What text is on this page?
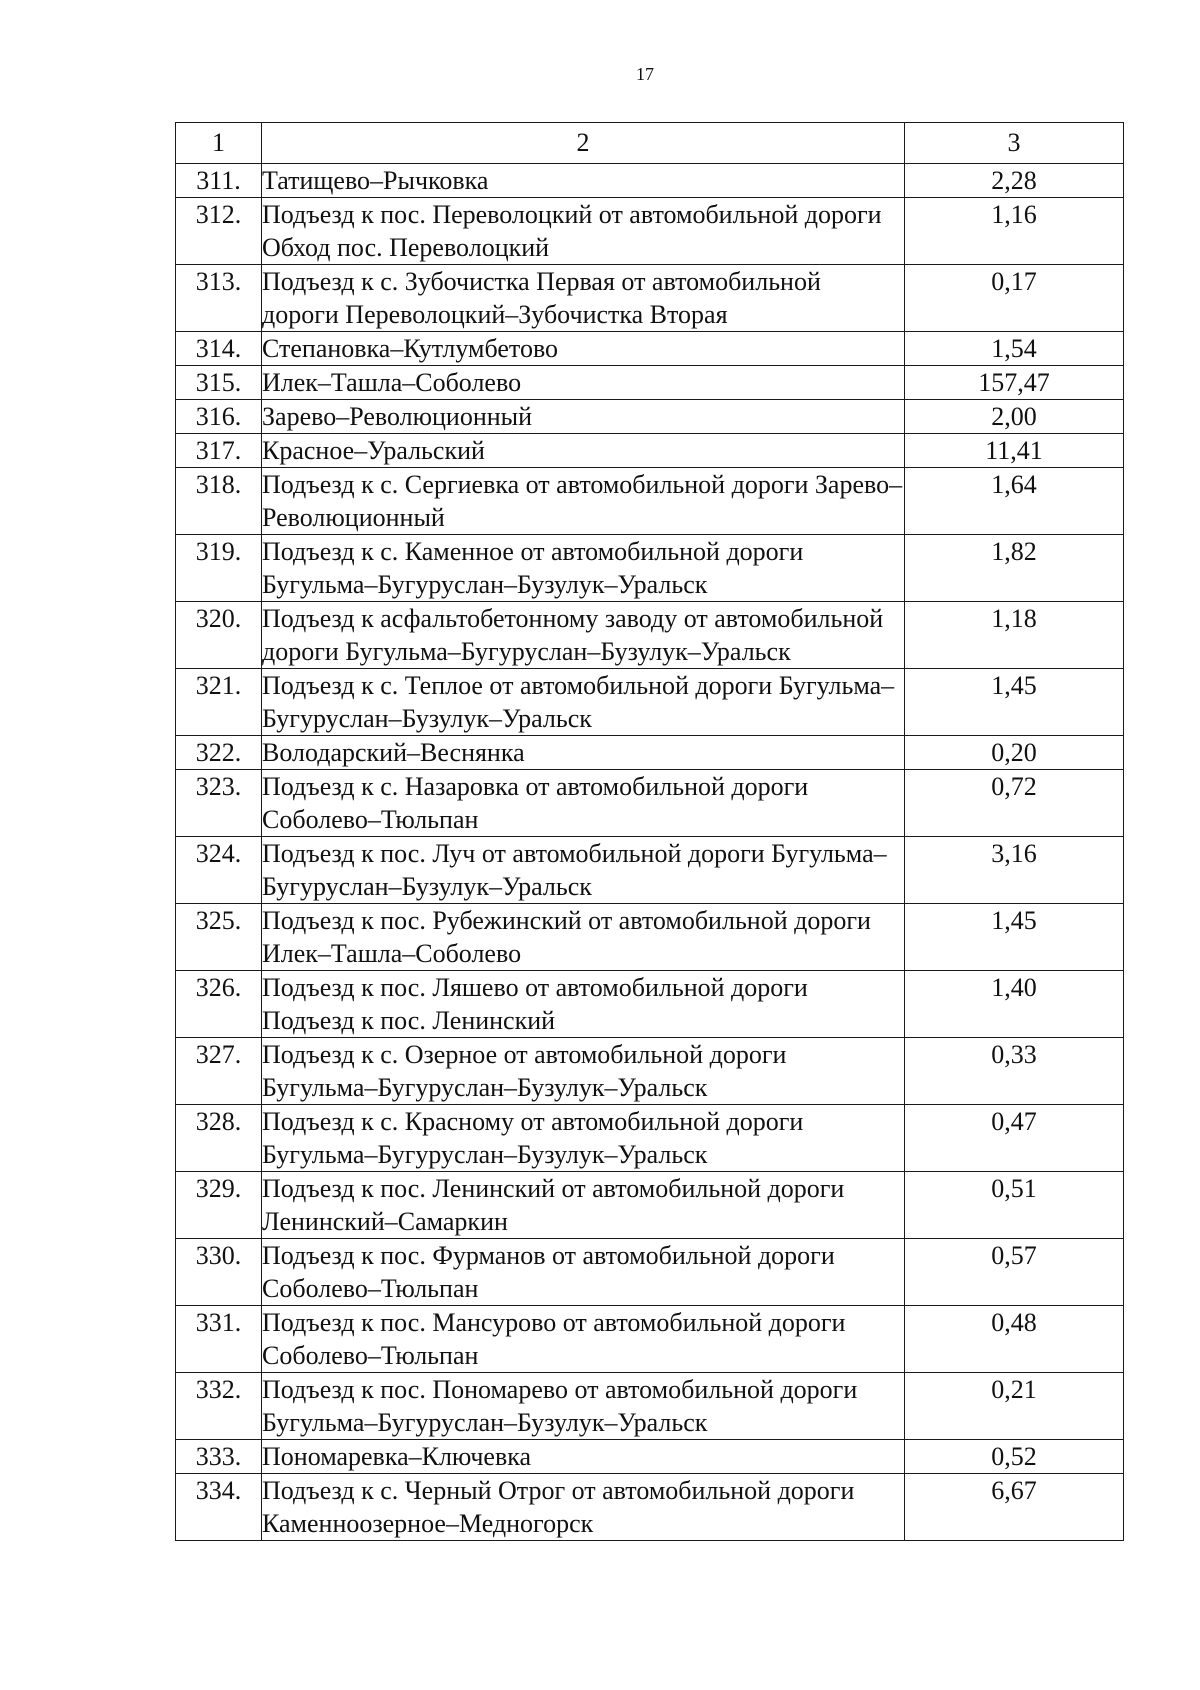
17
1	2	3
311.	Татищево–Рычковка	2,28
312.	Подъезд к пос. Переволоцкий от автомобильной дороги Обход пос. Переволоцкий	1,16
313.	Подъезд к с. Зубочистка Первая от автомобильной дороги Переволоцкий–Зубочистка Вторая	0,17
314.	Степановка–Кутлумбетово	1,54
315.	Илек–Ташла–Соболево	157,47
316.	Зарево–Революционный	2,00
317.	Красное–Уральский	11,41
318.	Подъезд к с. Сергиевка от автомобильной дороги Зарево–Революционный	1,64
319.	Подъезд к с. Каменное от автомобильной дороги Бугульма–Бугуруслан–Бузулук–Уральск	1,82
320.	Подъезд к асфальтобетонному заводу от автомобильной дороги Бугульма–Бугуруслан–Бузулук–Уральск	1,18
321.	Подъезд к с. Теплое от автомобильной дороги Бугульма–Бугуруслан–Бузулук–Уральск	1,45
322.	Володарский–Веснянка	0,20
323.	Подъезд к с. Назаровка от автомобильной дороги Соболево–Тюльпан	0,72
324.	Подъезд к пос. Луч от автомобильной дороги Бугульма–Бугуруслан–Бузулук–Уральск	3,16
325.	Подъезд к пос. Рубежинский от автомобильной дороги Илек–Ташла–Соболево	1,45
326.	Подъезд к пос. Ляшево от автомобильной дороги Подъезд к пос. Ленинский	1,40
327.	Подъезд к с. Озерное от автомобильной дороги Бугульма–Бугуруслан–Бузулук–Уральск	0,33
328.	Подъезд к с. Красному от автомобильной дороги Бугульма–Бугуруслан–Бузулук–Уральск	0,47
329.	Подъезд к пос. Ленинский от автомобильной дороги Ленинский–Самаркин	0,51
330.	Подъезд к пос. Фурманов от автомобильной дороги Соболево–Тюльпан	0,57
331.	Подъезд к пос. Мансурово от автомобильной дороги Соболево–Тюльпан	0,48
332.	Подъезд к пос. Пономарево от автомобильной дороги Бугульма–Бугуруслан–Бузулук–Уральск	0,21
333.	Пономаревка–Ключевка	0,52
334.	Подъезд к с. Черный Отрог от автомобильной дороги Каменноозерное–Медногорск	6,67
